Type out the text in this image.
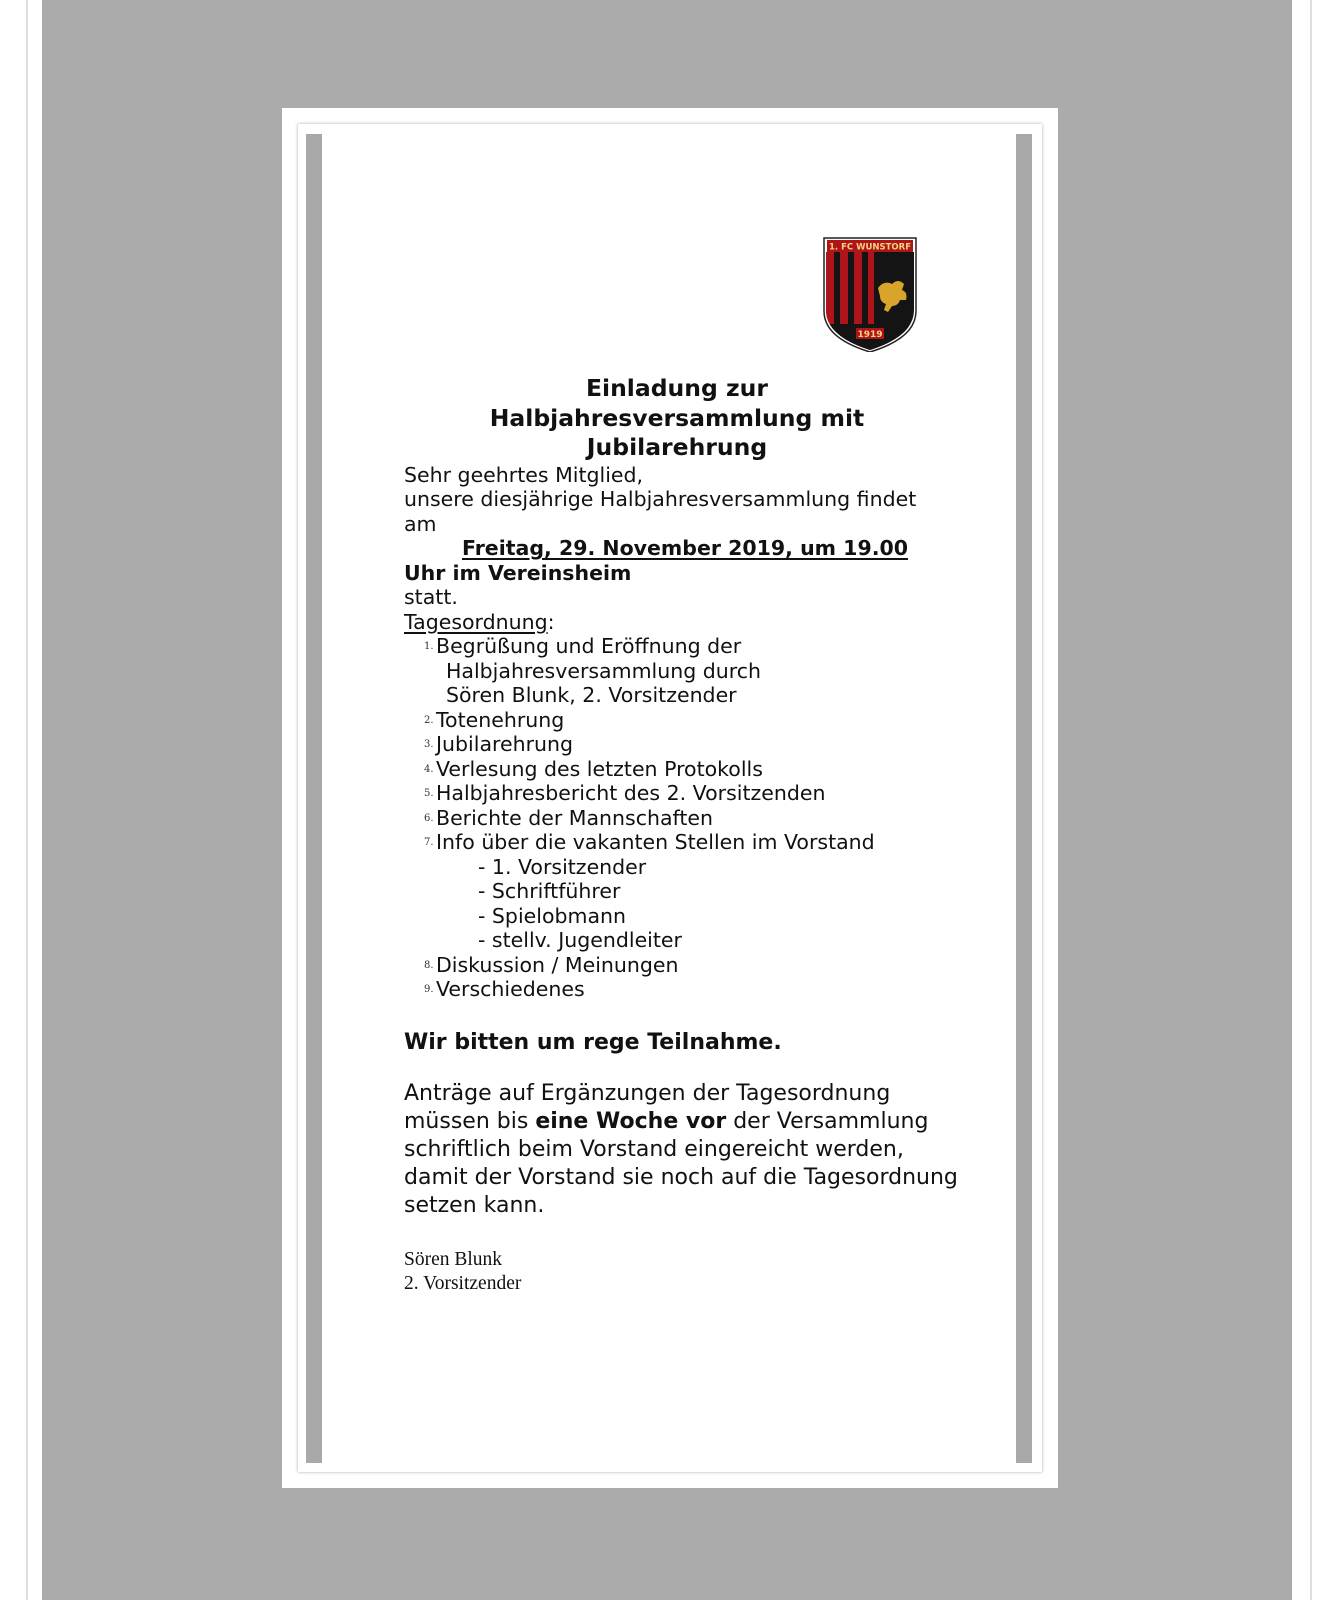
1. FC WUNSTORF
1919
Einladung zur
Halbjahresversammlung mit
Jubilarehrung

Sehr geehrtes Mitglied,

unsere diesjährige Halbjahresversammlung findet

am

Freitag, 29. November 2019, um 19.00

Uhr im Vereinsheim

statt.

Tagesordnung:

1. Begrüßung und Eröffnung der
Halbjahresversammlung durch
Sören Blunk, 2. Vorsitzender
2. Totenehrung
3. Jubilarehrung
4. Verlesung des letzten Protokolls
5. Halbjahresbericht des 2. Vorsitzenden
6. Berichte der Mannschaften
7. Info über die vakanten Stellen im Vorstand
- 1. Vorsitzender
- Schriftführer
- Spielobmann
- stellv. Jugendleiter
8. Diskussion / Meinungen
9. Verschiedenes

Wir bitten um rege Teilnahme.

Anträge auf Ergänzungen der Tagesordnung müssen bis eine Woche vor der Versammlung schriftlich beim Vorstand eingereicht werden, damit der Vorstand sie noch auf die Tagesordnung setzen kann.

Sören Blunk
2. Vorsitzender
